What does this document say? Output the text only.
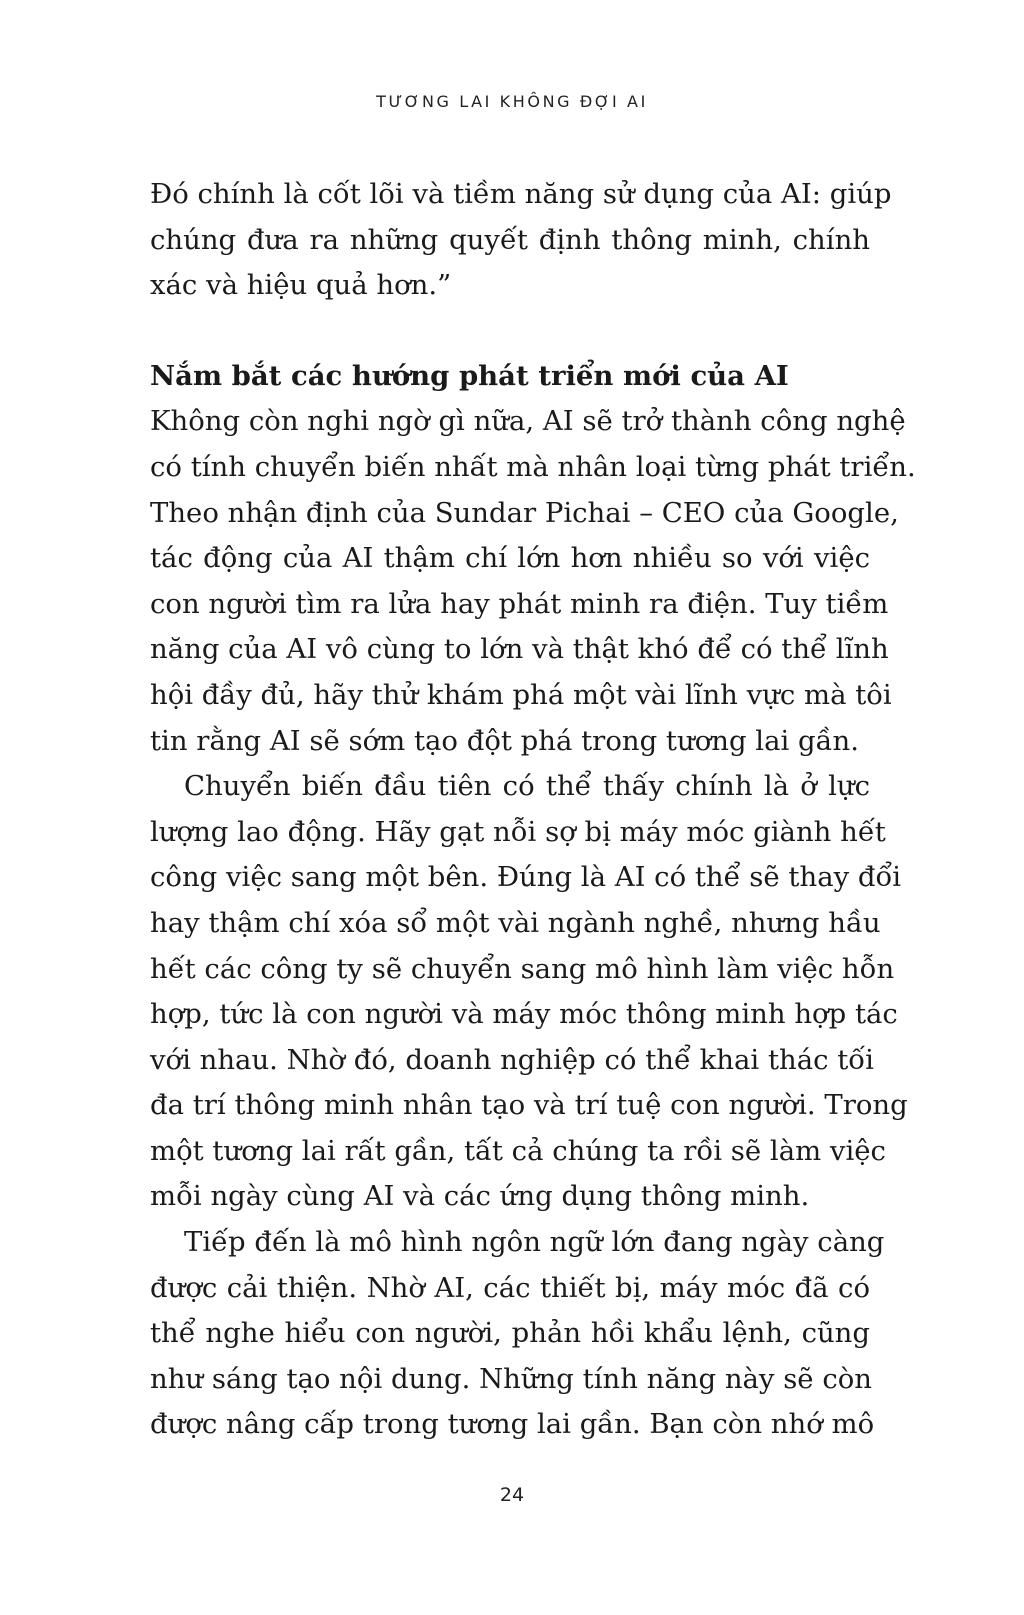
TƯƠNG LAI KHÔNG ĐỢI AI

Đó chính là cốt lõi và tiềm năng sử dụng của AI: giúp
chúng đưa ra những quyết định thông minh, chính
xác và hiệu quả hơn.”

Nắm bắt các hướng phát triển mới của AI

Không còn nghi ngờ gì nữa, AI sẽ trở thành công nghệ
có tính chuyển biến nhất mà nhân loại từng phát triển.
Theo nhận định của Sundar Pichai – CEO của Google,
tác động của AI thậm chí lớn hơn nhiều so với việc
con người tìm ra lửa hay phát minh ra điện. Tuy tiềm
năng của AI vô cùng to lớn và thật khó để có thể lĩnh
hội đầy đủ, hãy thử khám phá một vài lĩnh vực mà tôi
tin rằng AI sẽ sớm tạo đột phá trong tương lai gần.

Chuyển biến đầu tiên có thể thấy chính là ở lực
lượng lao động. Hãy gạt nỗi sợ bị máy móc giành hết
công việc sang một bên. Đúng là AI có thể sẽ thay đổi
hay thậm chí xóa sổ một vài ngành nghề, nhưng hầu
hết các công ty sẽ chuyển sang mô hình làm việc hỗn
hợp, tức là con người và máy móc thông minh hợp tác
với nhau. Nhờ đó, doanh nghiệp có thể khai thác tối
đa trí thông minh nhân tạo và trí tuệ con người. Trong
một tương lai rất gần, tất cả chúng ta rồi sẽ làm việc
mỗi ngày cùng AI và các ứng dụng thông minh.

Tiếp đến là mô hình ngôn ngữ lớn đang ngày càng
được cải thiện. Nhờ AI, các thiết bị, máy móc đã có
thể nghe hiểu con người, phản hồi khẩu lệnh, cũng
như sáng tạo nội dung. Những tính năng này sẽ còn
được nâng cấp trong tương lai gần. Bạn còn nhớ mô

24
